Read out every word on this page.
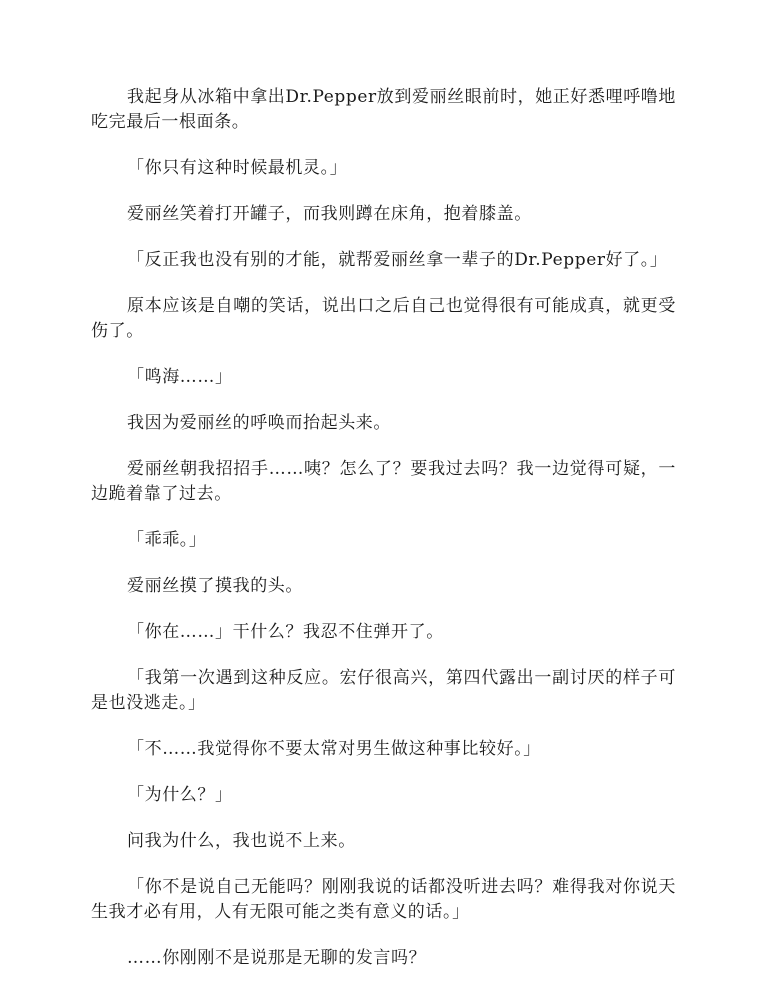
我起身从冰箱中拿出Dr.Pepper放到爱丽丝眼前时，她正好悉哩呼噜地吃完最后一根面条。

「你只有这种时候最机灵。」

爱丽丝笑着打开罐子，而我则蹲在床角，抱着膝盖。

「反正我也没有别的才能，就帮爱丽丝拿一辈子的Dr.Pepper好了。」

原本应该是自嘲的笑话，说出口之后自己也觉得很有可能成真，就更受伤了。

「鸣海……」

我因为爱丽丝的呼唤而抬起头来。

爱丽丝朝我招招手……咦？怎么了？要我过去吗？我一边觉得可疑，一边跪着靠了过去。

「乖乖。」

爱丽丝摸了摸我的头。

「你在……」干什么？我忍不住弹开了。

「我第一次遇到这种反应。宏仔很高兴，第四代露出一副讨厌的样子可是也没逃走。」

「不……我觉得你不要太常对男生做这种事比较好。」

「为什么？」

问我为什么，我也说不上来。

「你不是说自己无能吗？刚刚我说的话都没听进去吗？难得我对你说天生我才必有用，人有无限可能之类有意义的话。」

……你刚刚不是说那是无聊的发言吗？
